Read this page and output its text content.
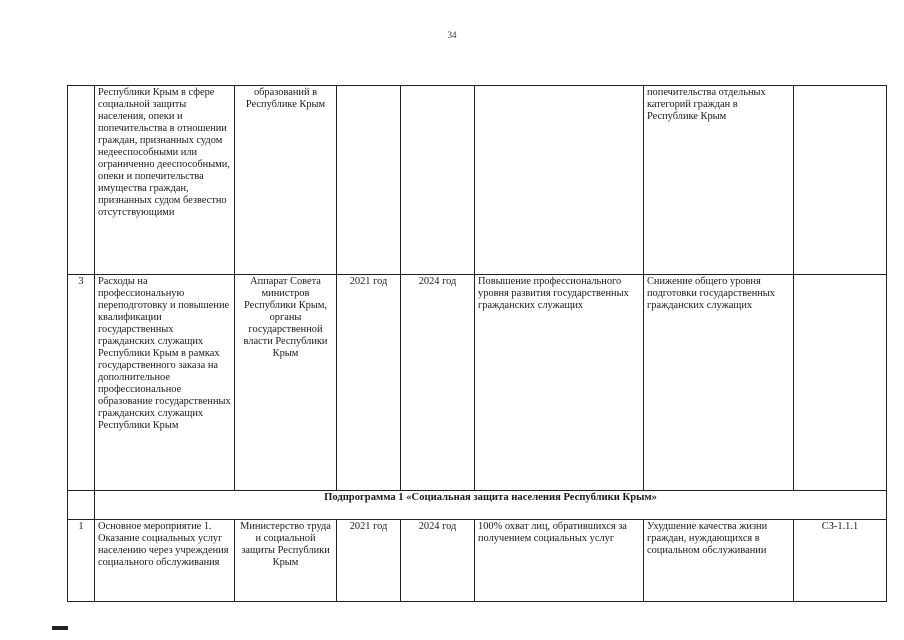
34
	Республики Крым в сфере социальной защиты населения, опеки и попечительства в отношении граждан, признанных судом недееспособными или ограниченно дееспособными, опеки и попечительства имущества граждан, признанных судом безвестно отсутствующими	образований в Республике Крым				попечительства отдельных категорий граждан в Республике Крым	
3	Расходы на профессиональную переподготовку и повышение квалификации государственных гражданских служащих Республики Крым в рамках государственного заказа на дополнительное профессиональное образование государственных гражданских служащих Республики Крым	Аппарат Совета министров Республики Крым, органы государственной власти Республики Крым	2021 год	2024 год	Повышение профессионального уровня развития государственных гражданских служащих	Снижение общего уровня подготовки государственных гражданских служащих	
	Подпрограмма 1 «Социальная защита населения Республики Крым»						
1	Основное мероприятие 1. Оказание социальных услуг населению через учреждения социального обслуживания	Министерство труда и социальной защиты Республики Крым	2021 год	2024 год	100% охват лиц, обратившихся за получением социальных услуг	Ухудшение качества жизни граждан, нуждающихся в социальном обслуживании	СЗ-1.1.1
